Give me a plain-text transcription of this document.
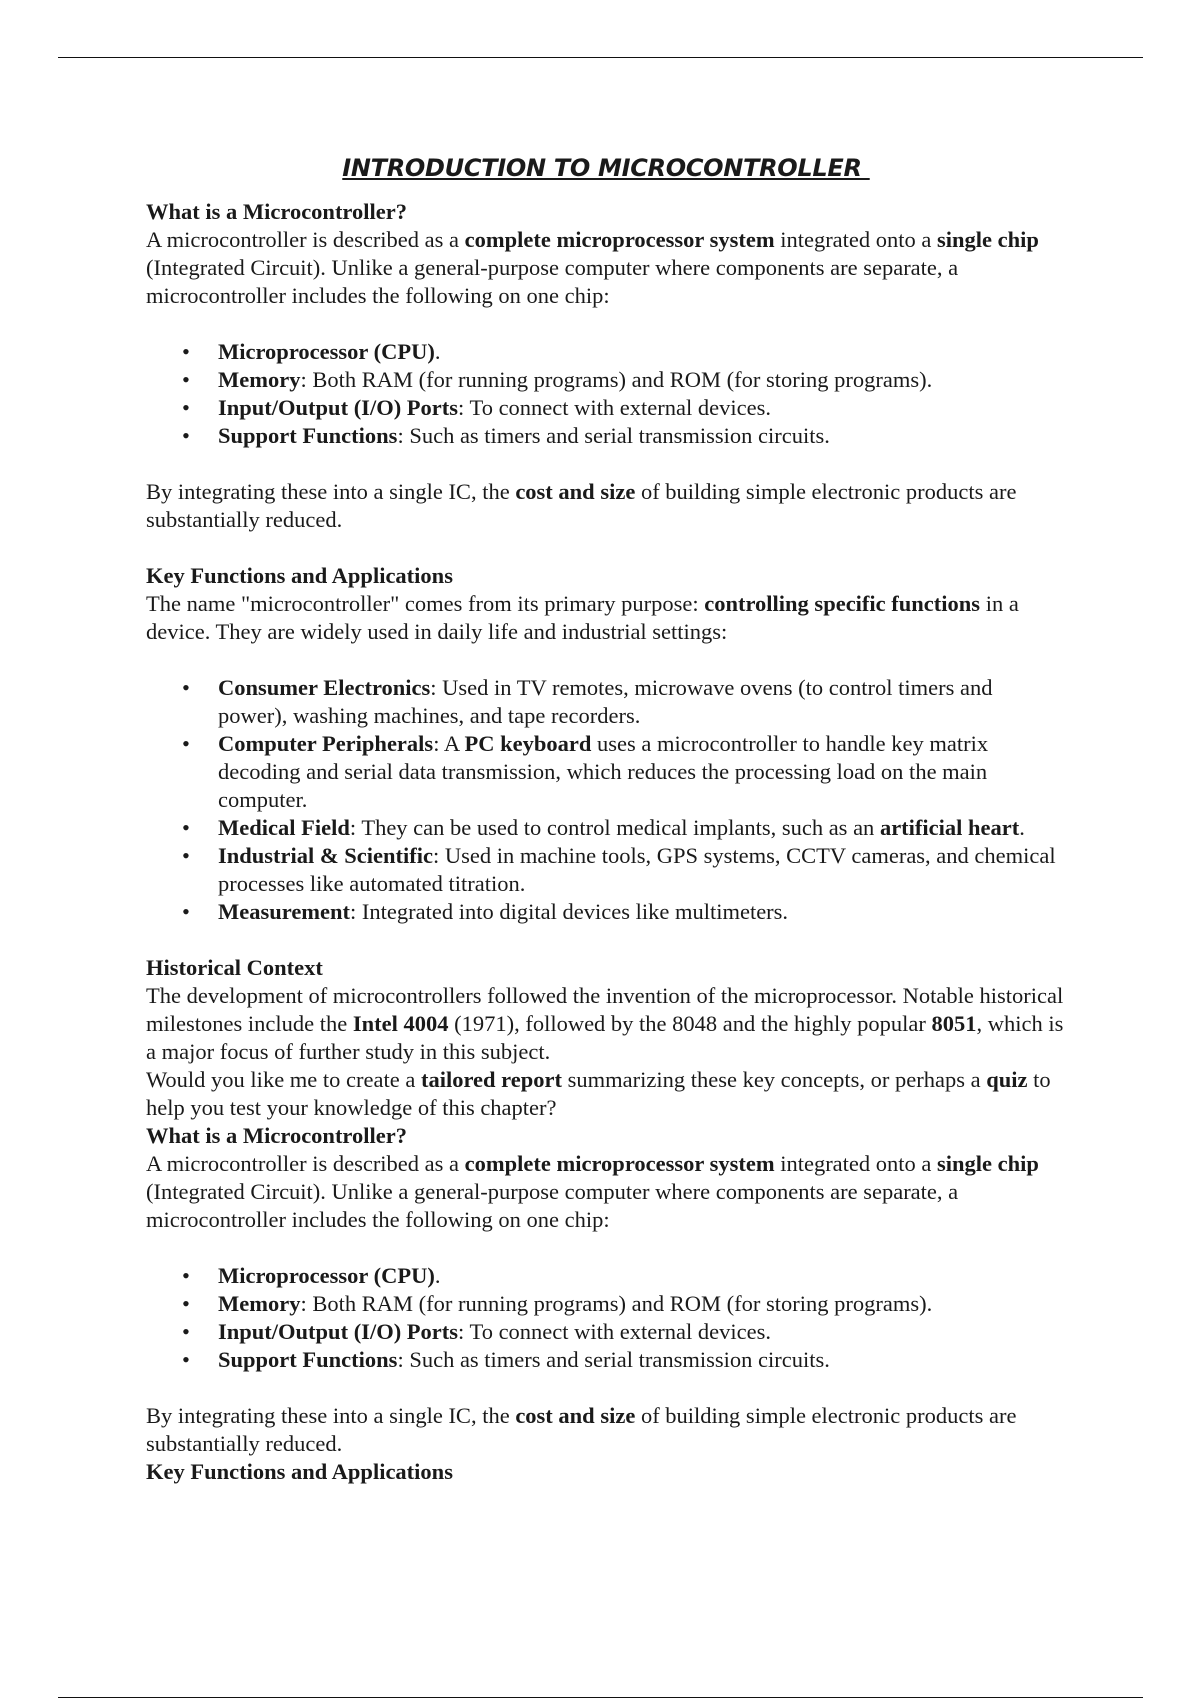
INTRODUCTION TO MICROCONTROLLER

What is a Microcontroller?

A microcontroller is described as a complete microprocessor system integrated onto a single chip (Integrated Circuit). Unlike a general-purpose computer where components are separate, a microcontroller includes the following on one chip:

• Microprocessor (CPU).
• Memory: Both RAM (for running programs) and ROM (for storing programs).
• Input/Output (I/O) Ports: To connect with external devices.
• Support Functions: Such as timers and serial transmission circuits.

By integrating these into a single IC, the cost and size of building simple electronic products are substantially reduced.

Key Functions and Applications

The name "microcontroller" comes from its primary purpose: controlling specific functions in a device. They are widely used in daily life and industrial settings:

• Consumer Electronics: Used in TV remotes, microwave ovens (to control timers and power), washing machines, and tape recorders.
• Computer Peripherals: A PC keyboard uses a microcontroller to handle key matrix decoding and serial data transmission, which reduces the processing load on the main computer.
• Medical Field: They can be used to control medical implants, such as an artificial heart.
• Industrial & Scientific: Used in machine tools, GPS systems, CCTV cameras, and chemical processes like automated titration.
• Measurement: Integrated into digital devices like multimeters.

Historical Context

The development of microcontrollers followed the invention of the microprocessor. Notable historical milestones include the Intel 4004 (1971), followed by the 8048 and the highly popular 8051, which is a major focus of further study in this subject.

Would you like me to create a tailored report summarizing these key concepts, or perhaps a quiz to help you test your knowledge of this chapter?

What is a Microcontroller?

A microcontroller is described as a complete microprocessor system integrated onto a single chip (Integrated Circuit). Unlike a general-purpose computer where components are separate, a microcontroller includes the following on one chip:

• Microprocessor (CPU).
• Memory: Both RAM (for running programs) and ROM (for storing programs).
• Input/Output (I/O) Ports: To connect with external devices.
• Support Functions: Such as timers and serial transmission circuits.

By integrating these into a single IC, the cost and size of building simple electronic products are substantially reduced.

Key Functions and Applications
